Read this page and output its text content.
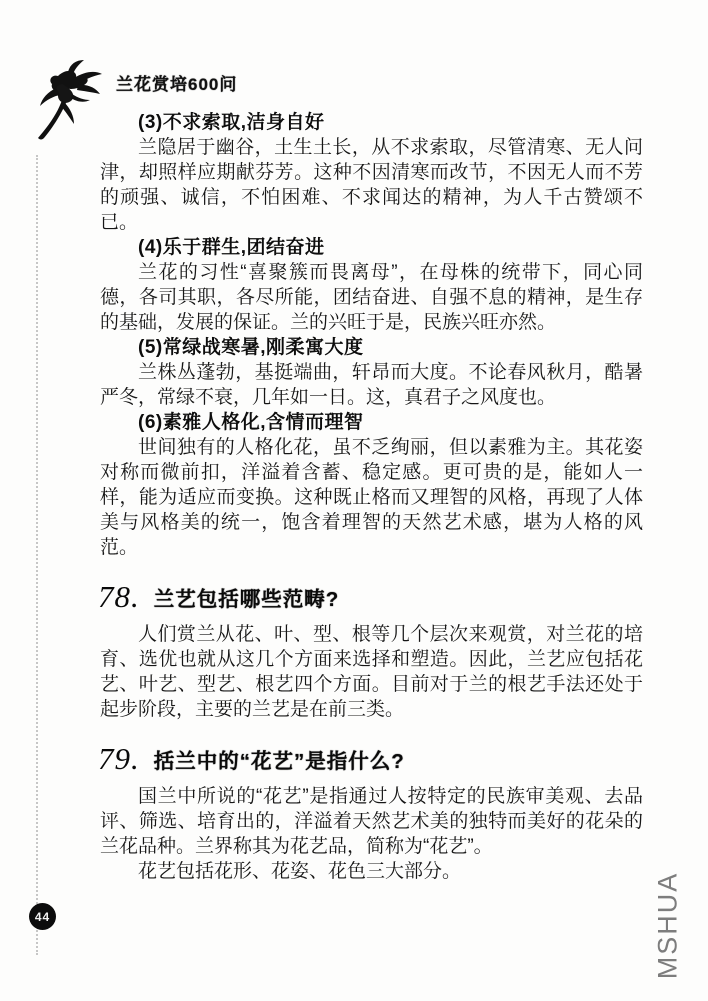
兰花赏培600问

(3)不求索取,洁身自好

兰隐居于幽谷，土生土长，从不求索取，尽管清寒、无人问津，却照样应期献芬芳。这种不因清寒而改节，不因无人而不芳的顽强、诚信，不怕困难、不求闻达的精神，为人千古赞颂不已。

(4)乐于群生,团结奋进

兰花的习性“喜聚簇而畏离母”，在母株的统带下，同心同德，各司其职，各尽所能，团结奋进、自强不息的精神，是生存的基础，发展的保证。兰的兴旺于是，民族兴旺亦然。

(5)常绿战寒暑,刚柔寓大度

兰株丛蓬勃，基挺端曲，轩昂而大度。不论春风秋月，酷暑严冬，常绿不衰，几年如一日。这，真君子之风度也。

(6)素雅人格化,含情而理智

世间独有的人格化花，虽不乏绚丽，但以素雅为主。其花姿对称而微前扣，洋溢着含蓄、稳定感。更可贵的是，能如人一样，能为适应而变换。这种既止格而又理智的风格，再现了人体美与风格美的统一，饱含着理智的天然艺术感，堪为人格的风范。

78. 兰艺包括哪些范畴?

人们赏兰从花、叶、型、根等几个层次来观赏，对兰花的培育、选优也就从这几个方面来选择和塑造。因此，兰艺应包括花艺、叶艺、型艺、根艺四个方面。目前对于兰的根艺手法还处于起步阶段，主要的兰艺是在前三类。

79. 括兰中的“花艺”是指什么?

国兰中所说的“花艺”是指通过人按特定的民族审美观、去品评、筛选、培育出的，洋溢着天然艺术美的独特而美好的花朵的兰花品种。兰界称其为花艺品，简称为“花艺”。

花艺包括花形、花姿、花色三大部分。

44	MSHUA
